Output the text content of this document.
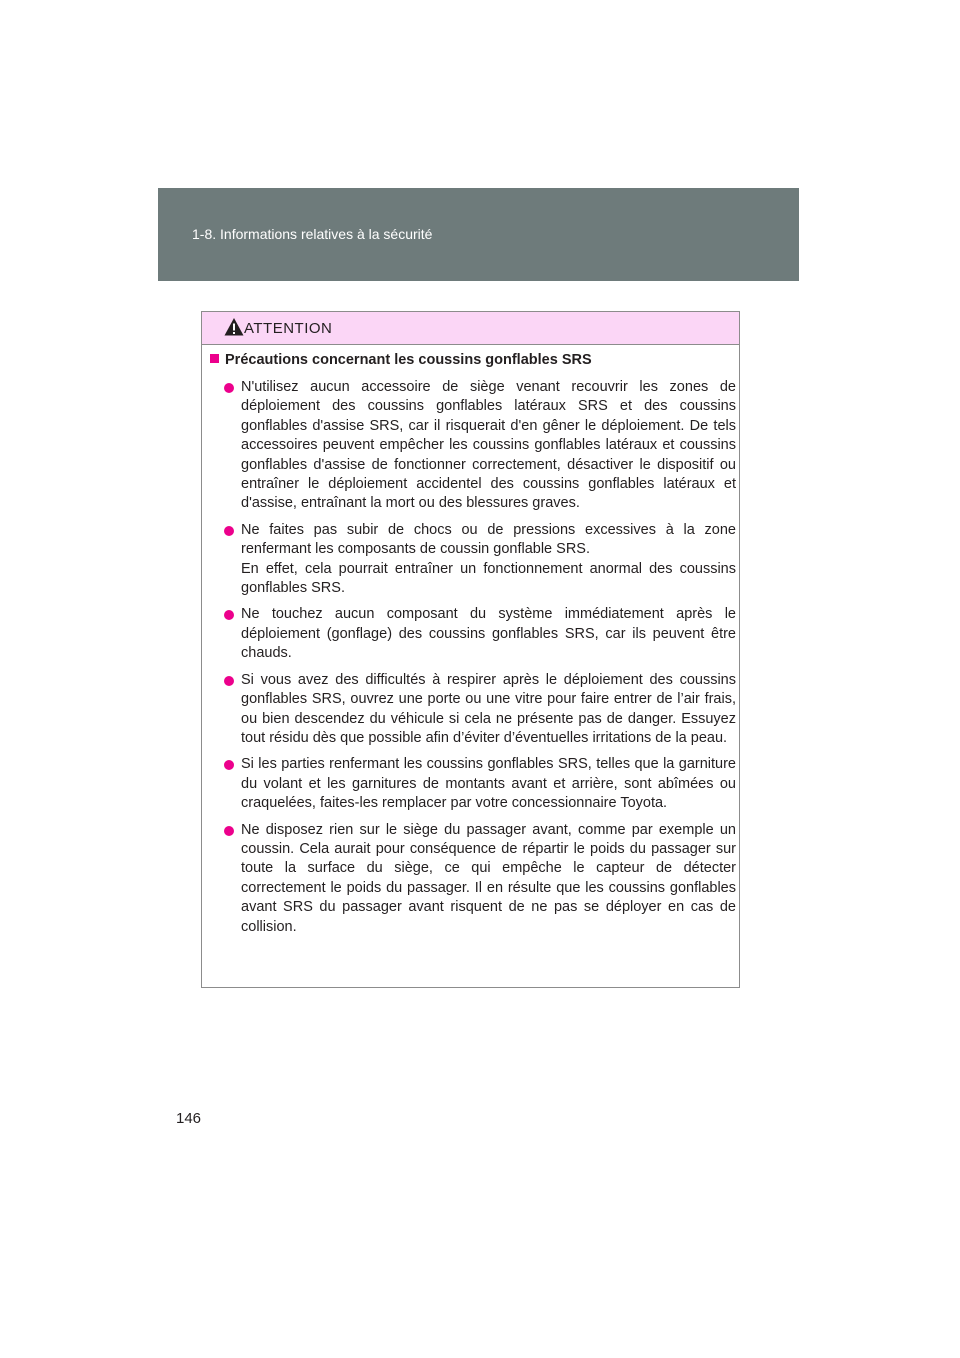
1-8. Informations relatives à la sécurité
ATTENTION
Précautions concernant les coussins gonflables SRS

N'utilisez aucun accessoire de siège venant recouvrir les zones de déploiement des coussins gonflables latéraux SRS et des coussins gonflables d'assise SRS, car il risquerait d'en gêner le déploiement. De tels accessoires peuvent empêcher les coussins gonflables latéraux et coussins gonflables d'assise de fonctionner correctement, désactiver le dispositif ou entraîner le déploiement accidentel des coussins gonflables latéraux et d'assise, entraînant la mort ou des blessures graves.

Ne faites pas subir de chocs ou de pressions excessives à la zone renfermant les composants de coussin gonflable SRS.

En effet, cela pourrait entraîner un fonctionnement anormal des coussins gonflables SRS.

Ne touchez aucun composant du système immédiatement après le déploiement (gonflage) des coussins gonflables SRS, car ils peuvent être chauds.

Si vous avez des difficultés à respirer après le déploiement des coussins gonflables SRS, ouvrez une porte ou une vitre pour faire entrer de l’air frais, ou bien descendez du véhicule si cela ne présente pas de danger. Essuyez tout résidu dès que possible afin d’éviter d’éventuelles irritations de la peau.

Si les parties renfermant les coussins gonflables SRS, telles que la garniture du volant et les garnitures de montants avant et arrière, sont abîmées ou craquelées, faites-les remplacer par votre concessionnaire Toyota.

Ne disposez rien sur le siège du passager avant, comme par exemple un coussin. Cela aurait pour conséquence de répartir le poids du passager sur toute la surface du siège, ce qui empêche le capteur de détecter correctement le poids du passager. Il en résulte que les coussins gonflables avant SRS du passager avant risquent de ne pas se déployer en cas de collision.

146
